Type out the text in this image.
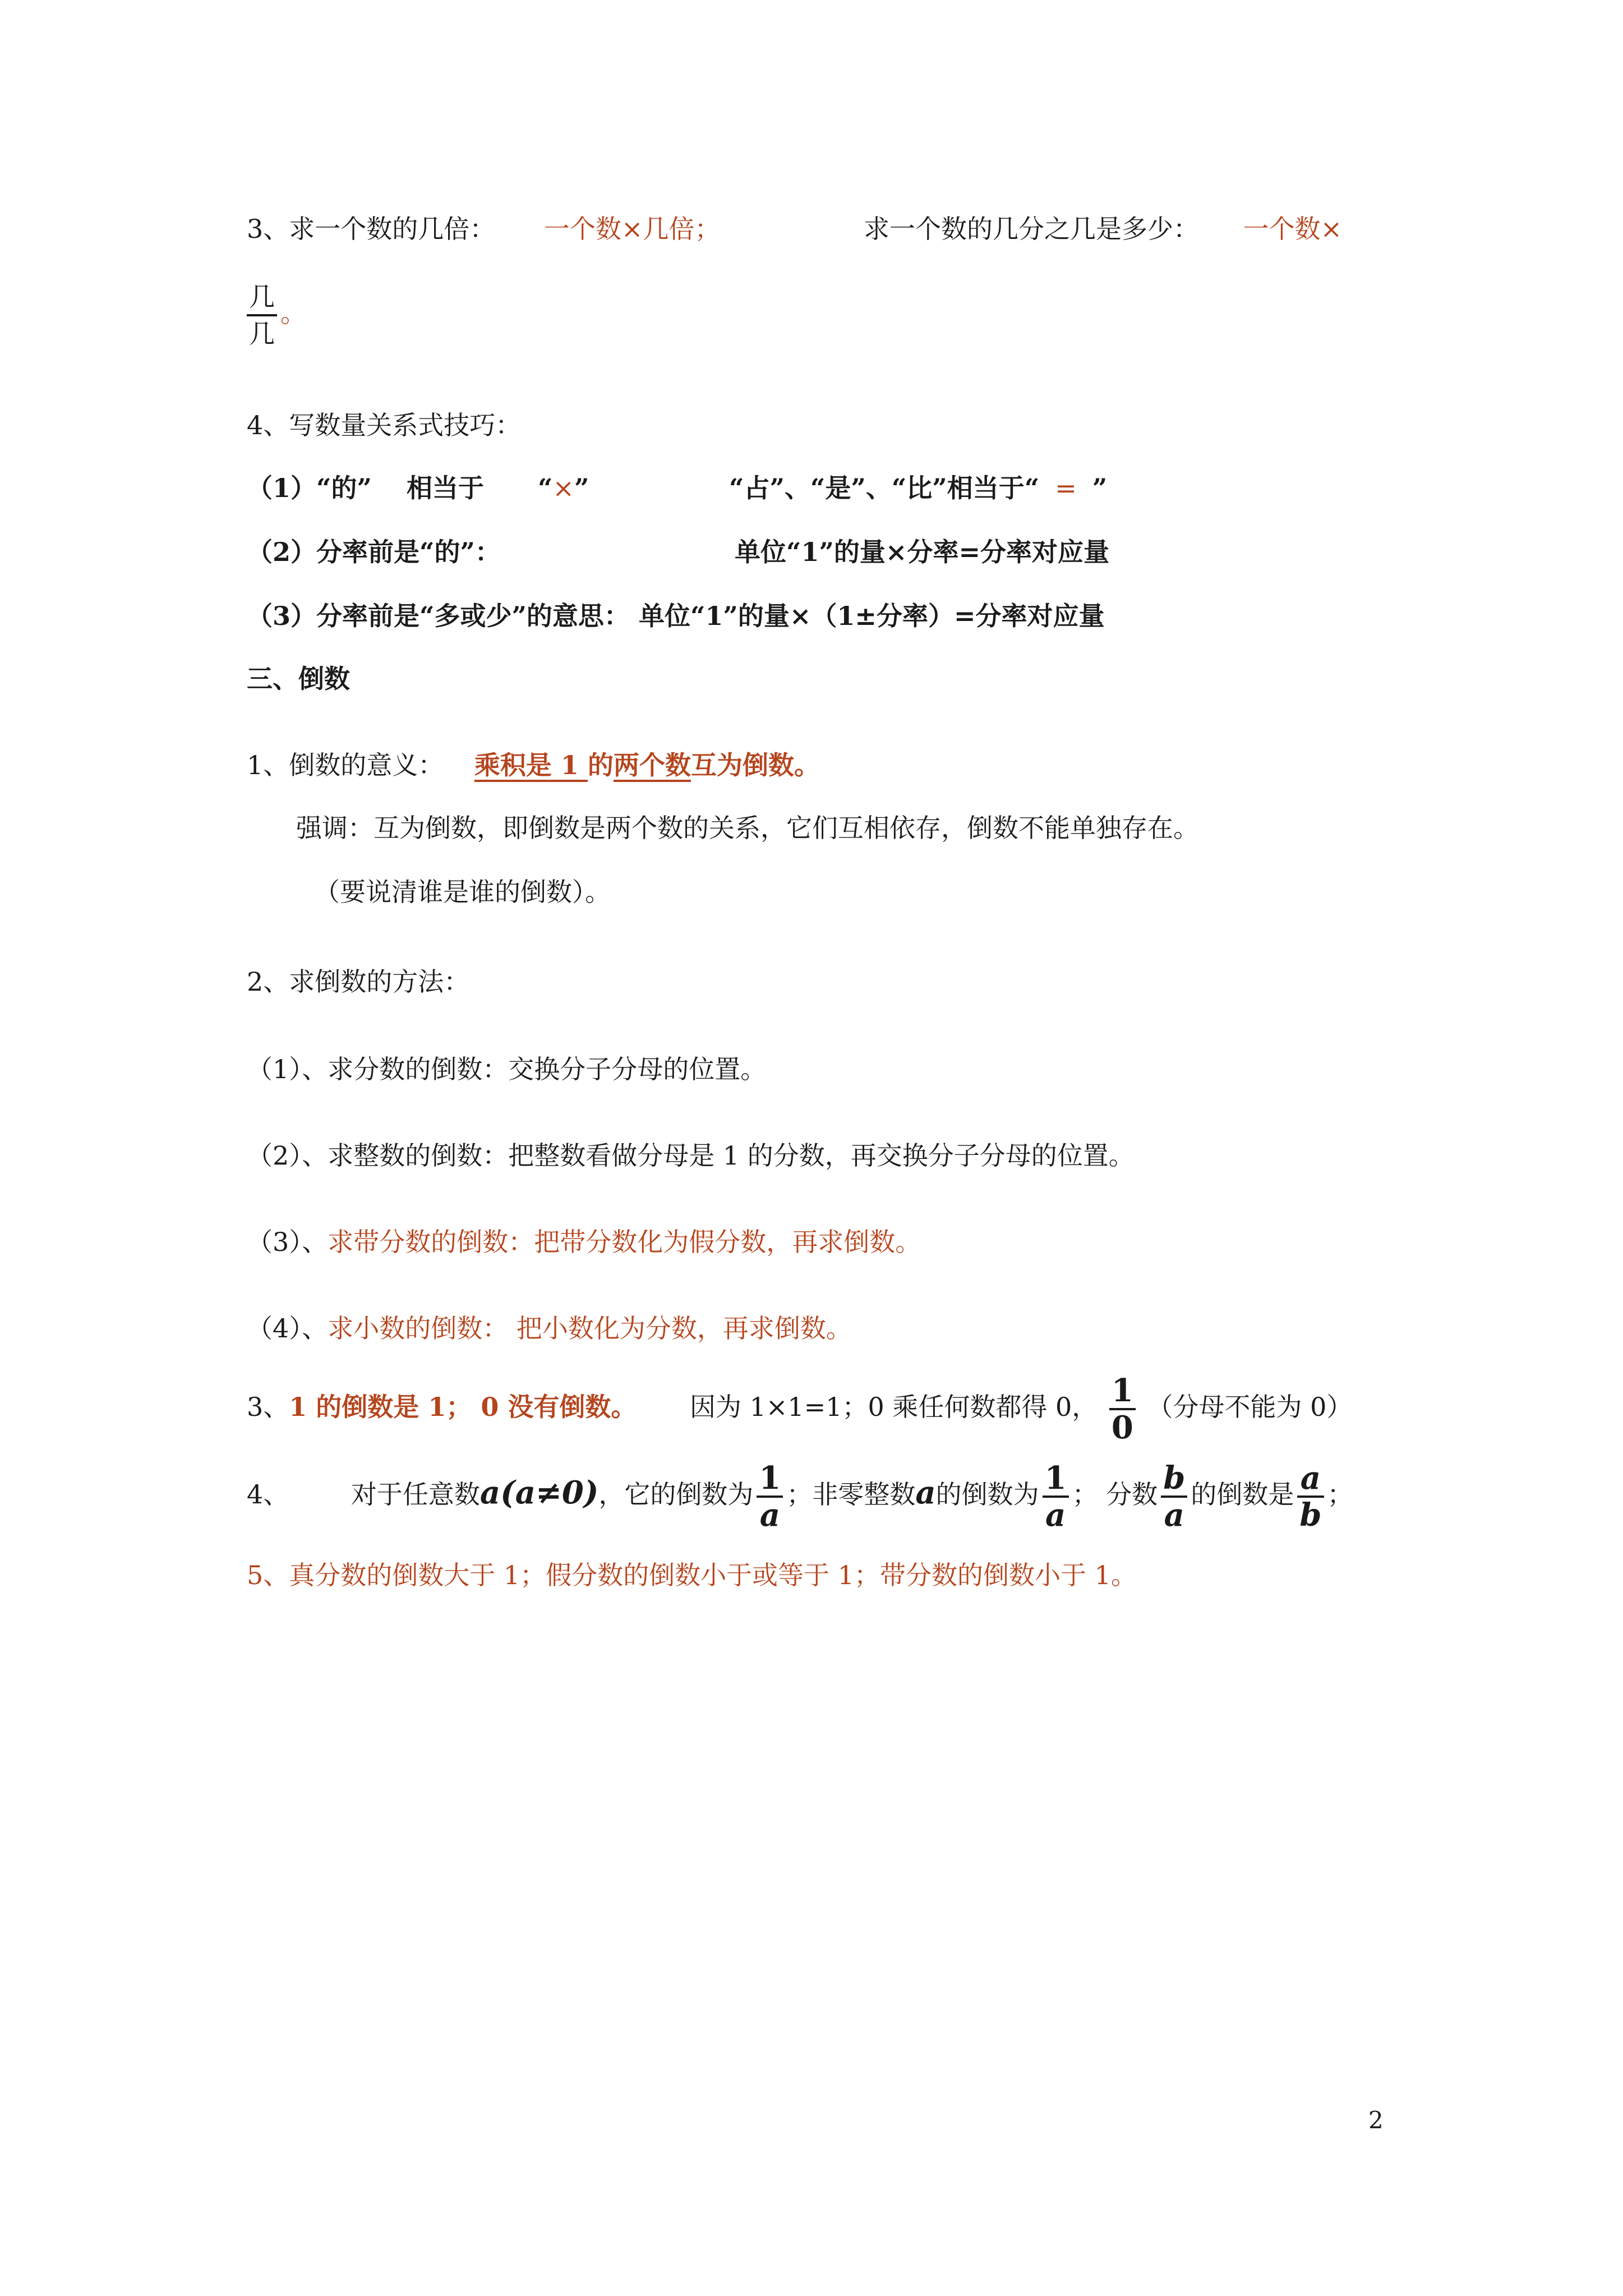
3、求一个数的几倍： 一个数×几倍；	求一个数的几分之几是多少： 一个数×
$\frac{\text{几}}{\text{几}}$ 。
4、写数量关系式技巧：
（1）“的” 相当于 “×”	“占”、“是”、“比”相当于“ = ”
（2）分率前是“的”：	单位“1”的量×分率=分率对应量
（3）分率前是“多或少”的意思： 单位“1”的量×（1±分率）=分率对应量
三、倒数
1、倒数的意义： 乘积是 1 的两个数互为倒数。
强调：互为倒数，即倒数是两个数的关系，它们互相依存，倒数不能单独存在。
（要说清谁是谁的倒数）。
2、求倒数的方法：
（1）、求分数的倒数：交换分子分母的位置。
（2）、求整数的倒数：把整数看做分母是 1 的分数，再交换分子分母的位置。
（3）、求带分数的倒数：把带分数化为假分数，再求倒数。
（4）、求小数的倒数： 把小数化为分数，再求倒数。
3、1 的倒数是 1； 0 没有倒数。 因为 1×1=1；0 乘任何数都得 0， $\frac{1}{0}$ （分母不能为 0）
4、 对于任意数a(a≠0)，它的倒数为 $\frac{1}{a}$ ；非零整数a的倒数为 $\frac{1}{a}$ ； 分数 $\frac{b}{a}$ 的倒数是 $\frac{a}{b}$ ；
5、真分数的倒数大于 1；假分数的倒数小于或等于 1；带分数的倒数小于 1。
2
